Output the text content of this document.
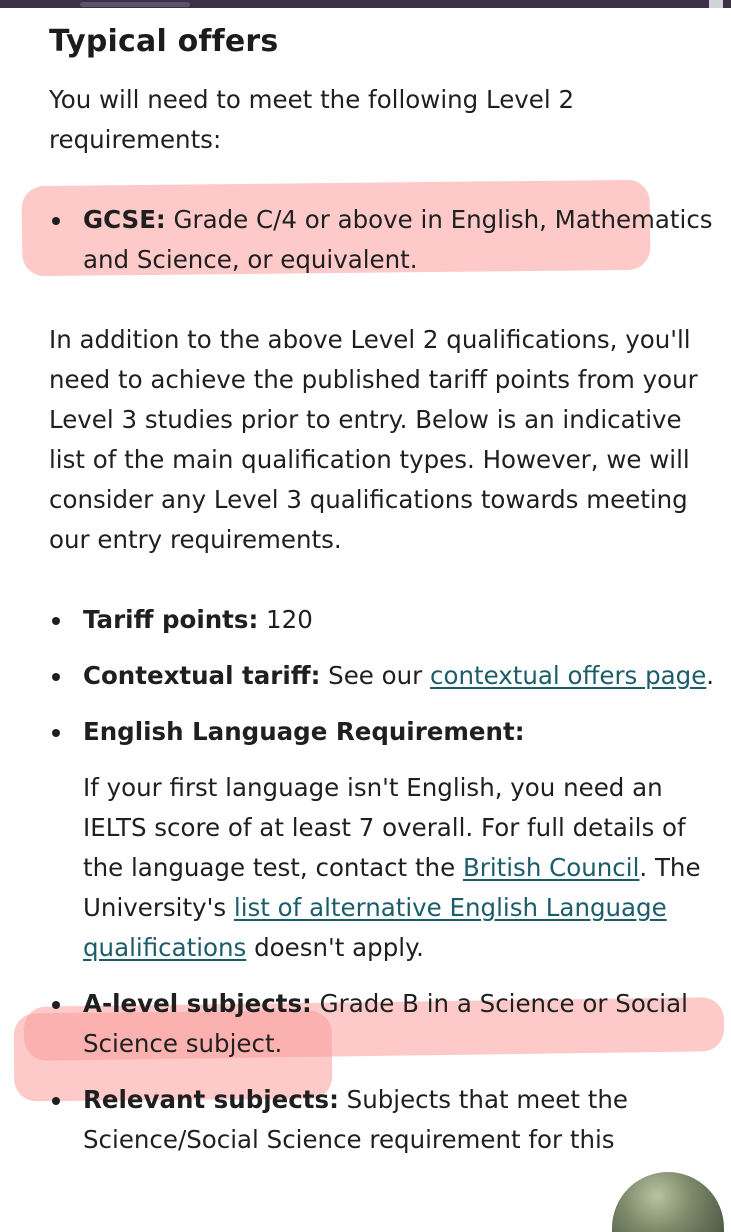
Typical offers

You will need to meet the following Level 2 requirements:

GCSE: Grade C/4 or above in English, Mathematics and Science, or equivalent.

In addition to the above Level 2 qualifications, you'll need to achieve the published tariff points from your Level 3 studies prior to entry. Below is an indicative list of the main qualification types. However, we will consider any Level 3 qualifications towards meeting our entry requirements.

Tariff points: 120
Contextual tariff: See our contextual offers page.
English Language Requirement:
If your first language isn't English, you need an IELTS score of at least 7 overall. For full details of the language test, contact the British Council. The University's list of alternative English Language qualifications doesn't apply.
A-level subjects: Grade B in a Science or Social Science subject.
Relevant subjects: Subjects that meet the Science/Social Science requirement for this
